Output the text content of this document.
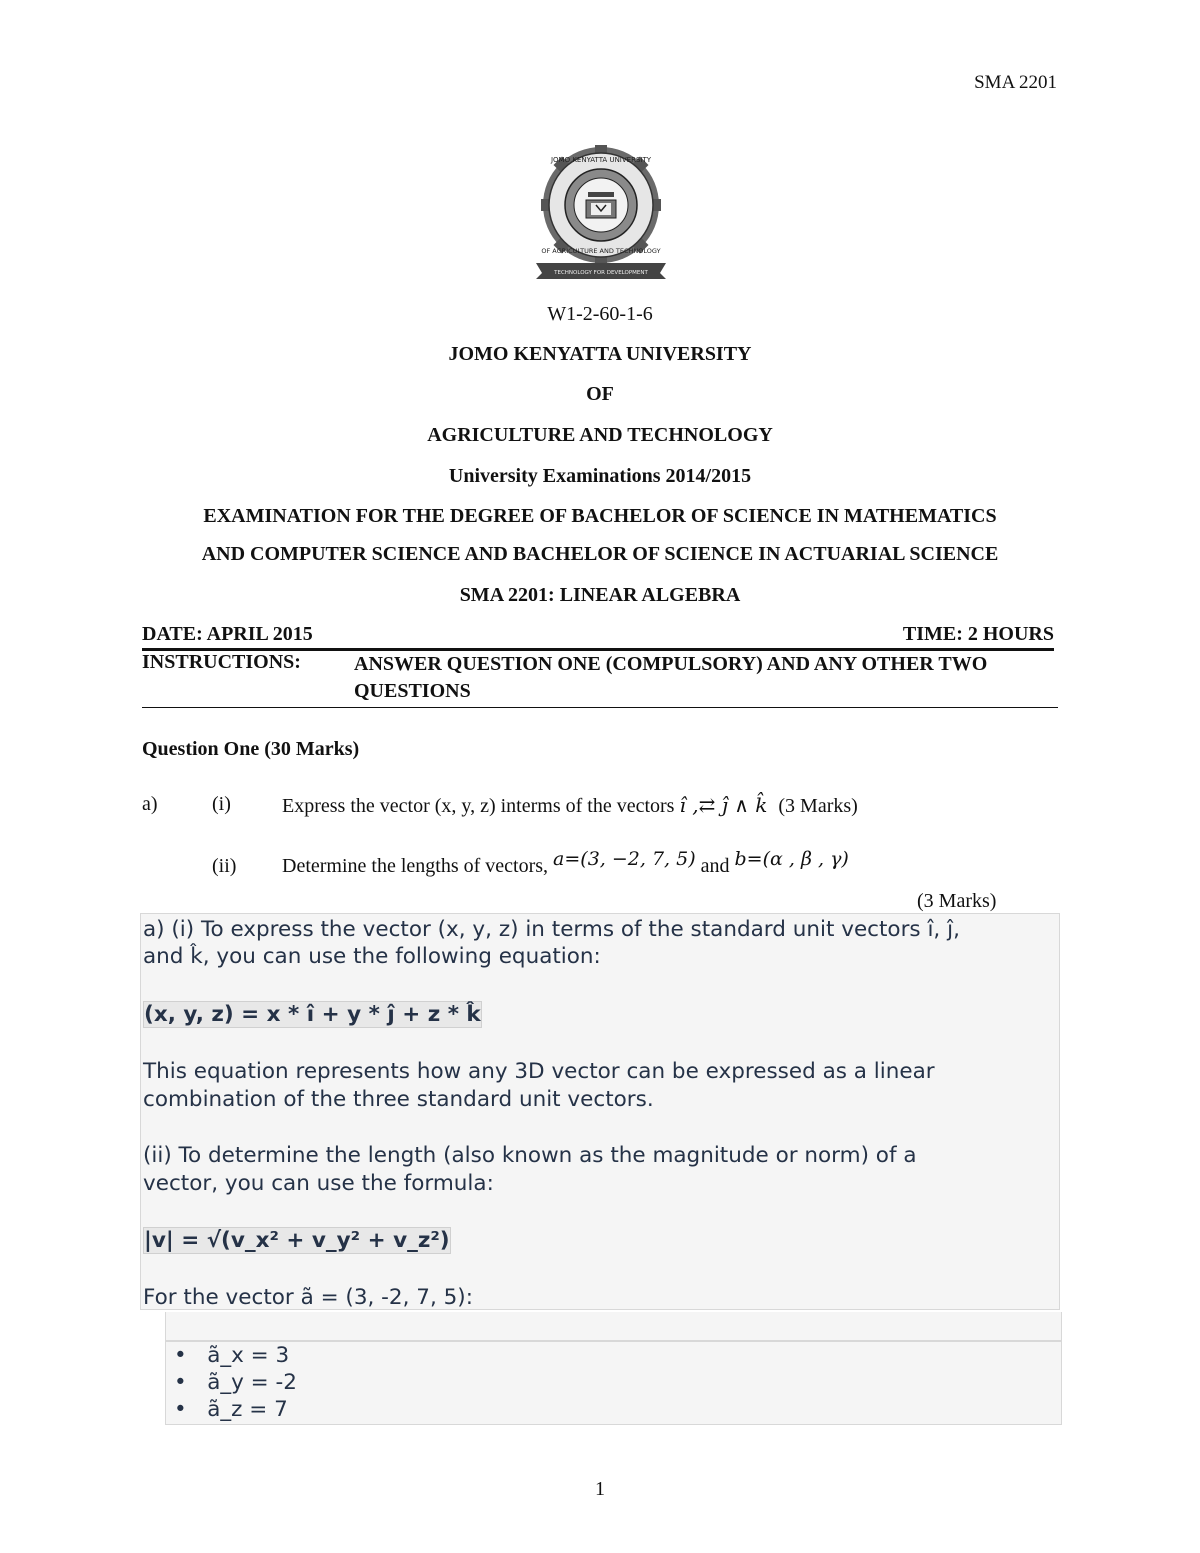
SMA 2201
JOMO KENYATTA UNIVERSITY
OF AGRICULTURE AND TECHNOLOGY
TECHNOLOGY FOR DEVELOPMENT
W1-2-60-1-6
JOMO KENYATTA UNIVERSITY
OF
AGRICULTURE AND TECHNOLOGY
University Examinations 2014/2015
EXAMINATION FOR THE DEGREE OF BACHELOR OF SCIENCE IN MATHEMATICS
AND COMPUTER SCIENCE AND BACHELOR OF SCIENCE IN ACTUARIAL SCIENCE
SMA 2201: LINEAR ALGEBRA
DATE: APRIL 2015	TIME: 2 HOURS
INSTRUCTIONS:	ANSWER QUESTION ONE (COMPULSORY) AND ANY OTHER TWO QUESTIONS
Question One (30 Marks)
a)	(i)	Express the vector (x, y, z) interms of the vectors î ,⇄ ĵ ∧ k̂ (3 Marks)
(ii) Determine the lengths of vectors, a=(3, −2, 7, 5) and b=(α , β , γ)
(3 Marks)
a) (i) To express the vector (x, y, z) in terms of the standard unit vectors î, ĵ,
and k̂, you can use the following equation:
(x, y, z) = x * î + y * ĵ + z * k̂
This equation represents how any 3D vector can be expressed as a linear
combination of the three standard unit vectors.
(ii) To determine the length (also known as the magnitude or norm) of a
vector, you can use the formula:
|v| = √(v_x² + v_y² + v_z²)
For the vector ã = (3, -2, 7, 5):
•   ã_x = 3
•   ã_y = -2
•   ã_z = 7
1
